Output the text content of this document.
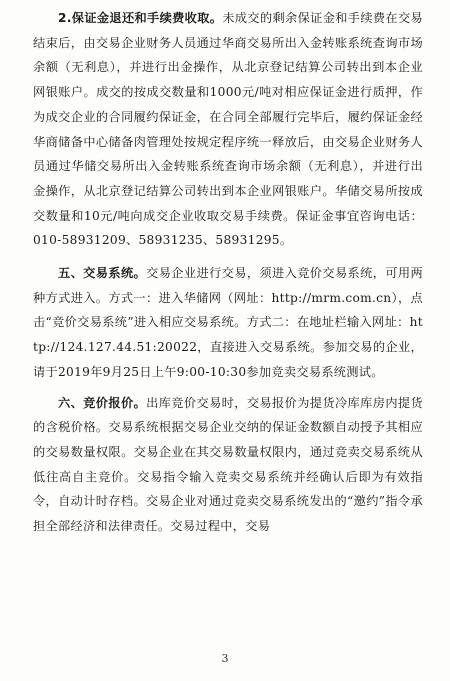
2.保证金退还和手续费收取。未成交的剩余保证金和手续费在交易结束后，由交易企业财务人员通过华商交易所出入金转账系统查询市场余额（无利息），并进行出金操作，从北京登记结算公司转出到本企业网银账户。成交的按成交数量和1000元/吨对相应保证金进行质押，作为成交企业的合同履约保证金，在合同全部履行完毕后，履约保证金经华商储备中心储备肉管理处按规定程序统一释放后，由交易企业财务人员通过华储交易所出入金转账系统查询市场余额（无利息），并进行出金操作，从北京登记结算公司转出到本企业网银账户。华储交易所按成交数量和10元/吨向成交企业收取交易手续费。保证金事宜咨询电话：010-58931209、58931235、58931295。

五、交易系统。交易企业进行交易，须进入竞价交易系统，可用两种方式进入。方式一：进入华储网（网址：http://mrm.com.cn），点击“竞价交易系统”进入相应交易系统。方式二：在地址栏输入网址：http://124.127.44.51:20022，直接进入交易系统。参加交易的企业，请于2019年9月25日上午9:00-10:30参加竞卖交易系统测试。

六、竞价报价。出库竞价交易时，交易报价为提货冷库库房内提货的含税价格。交易系统根据交易企业交纳的保证金数额自动授予其相应的交易数量权限。交易企业在其交易数量权限内，通过竞卖交易系统从低往高自主竞价。交易指令输入竞卖交易系统并经确认后即为有效指令，自动计时存档。交易企业对通过竞卖交易系统发出的“邀约”指令承担全部经济和法律责任。交易过程中，交易

3
